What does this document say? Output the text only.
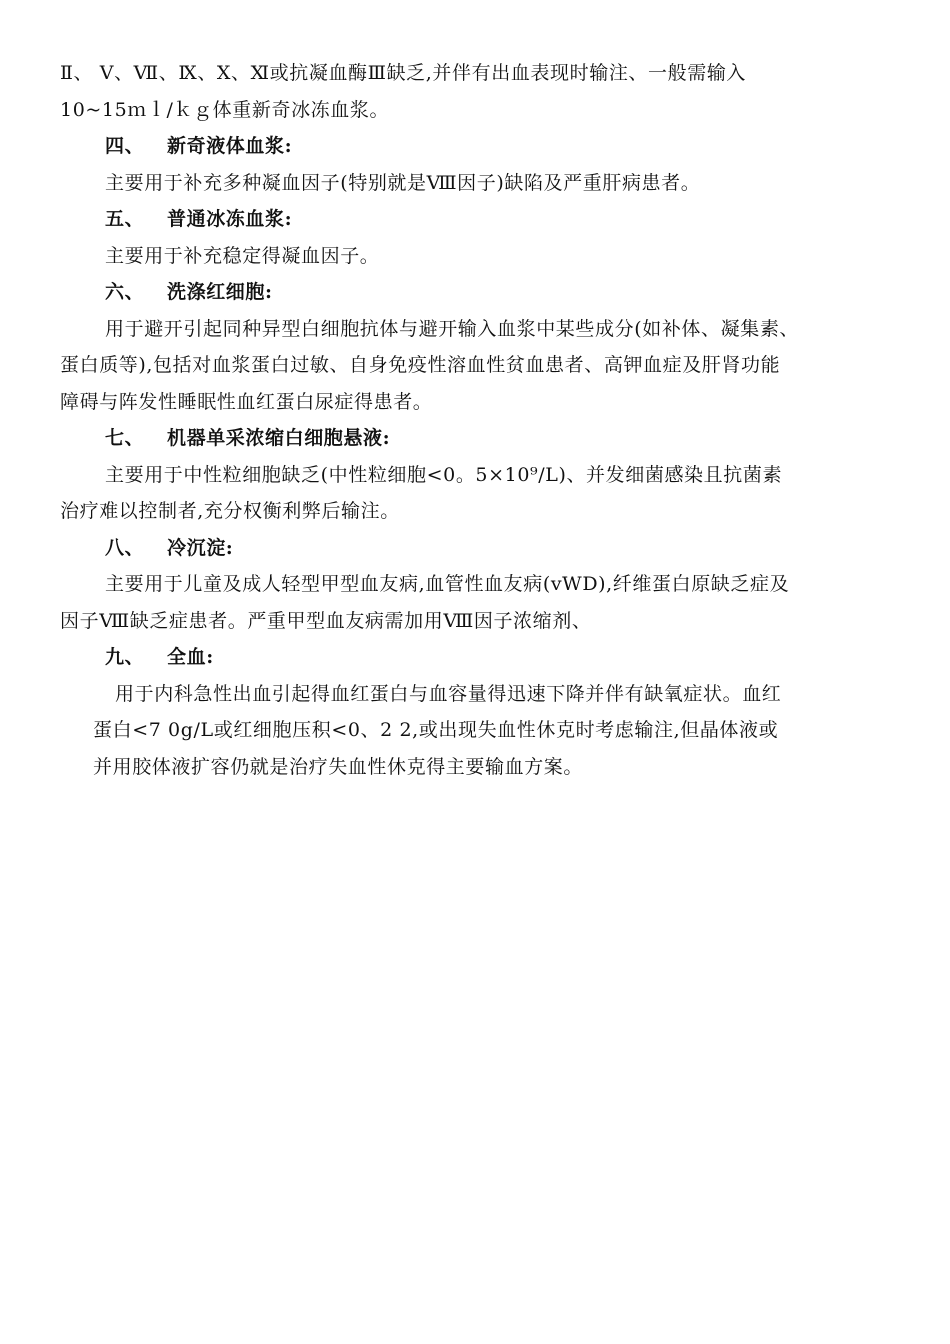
Ⅱ、 Ⅴ、Ⅶ、Ⅸ、Ⅹ、Ⅺ或抗凝血酶Ⅲ缺乏,并伴有出血表现时输注、一般需输入
10~15ｍｌ/ｋｇ体重新奇冰冻血浆。
四、 新奇液体血浆:
主要用于补充多种凝血因子(特别就是Ⅷ因子)缺陷及严重肝病患者。
五、 普通冰冻血浆:
主要用于补充稳定得凝血因子。
六、 洗涤红细胞:
用于避开引起同种异型白细胞抗体与避开输入血浆中某些成分(如补体、凝集素、
蛋白质等),包括对血浆蛋白过敏、自身免疫性溶血性贫血患者、高钾血症及肝肾功能
障碍与阵发性睡眠性血红蛋白尿症得患者。
七、 机器单采浓缩白细胞悬液:
主要用于中性粒细胞缺乏(中性粒细胞<0。5×10⁹/L)、并发细菌感染且抗菌素
治疗难以控制者,充分权衡利弊后输注。
八、 冷沉淀:
主要用于儿童及成人轻型甲型血友病,血管性血友病(vWD),纤维蛋白原缺乏症及
因子Ⅷ缺乏症患者。严重甲型血友病需加用Ⅷ因子浓缩剂、
九、 全血:
用于内科急性出血引起得血红蛋白与血容量得迅速下降并伴有缺氧症状。血红
蛋白<7 0g/L或红细胞压积<0、2 2,或出现失血性休克时考虑输注,但晶体液或
并用胶体液扩容仍就是治疗失血性休克得主要输血方案。
